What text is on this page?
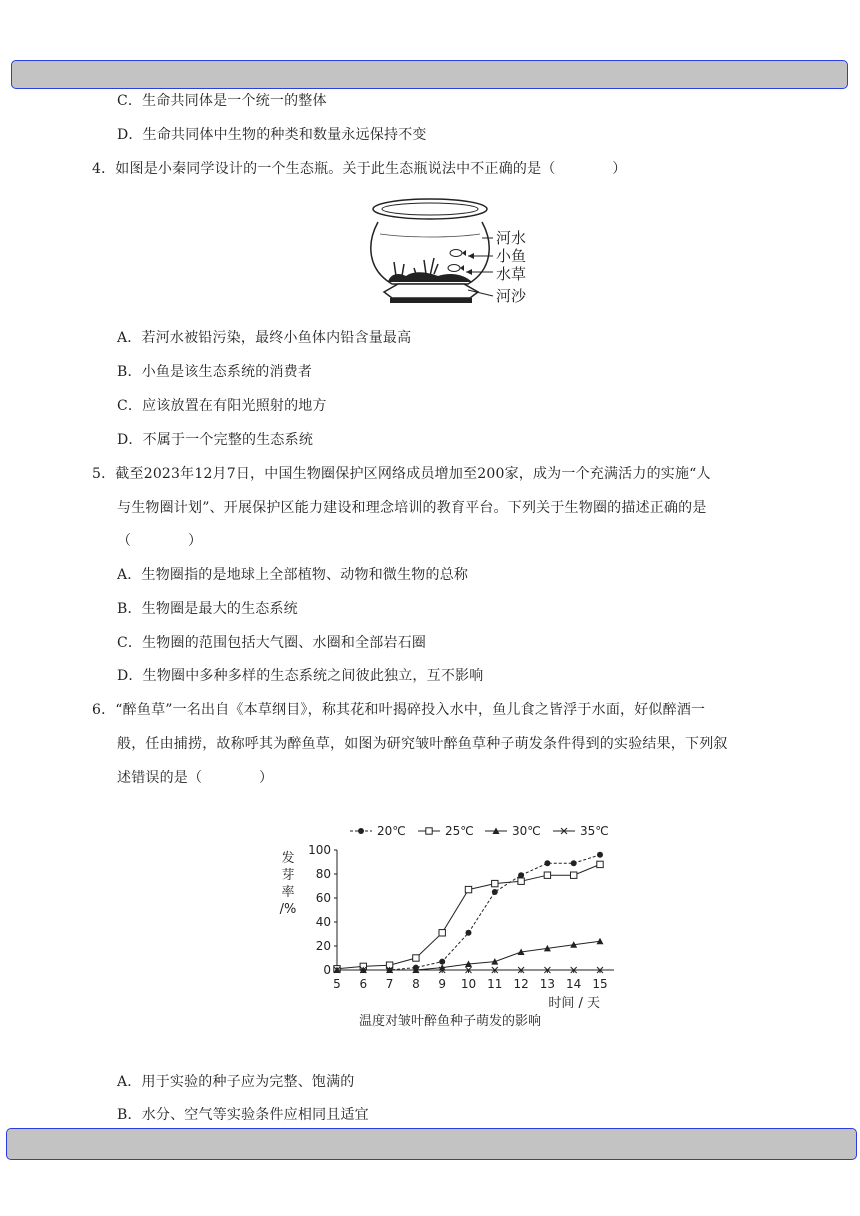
C．生命共同体是一个统一的整体
D．生命共同体中生物的种类和数量永远保持不变
4．如图是小秦同学设计的一个生态瓶。关于此生态瓶说法中不正确的是（　　　　）
河水
小鱼
水草
河沙
A．若河水被铅污染，最终小鱼体内铅含量最高
B．小鱼是该生态系统的消费者
C．应该放置在有阳光照射的地方
D．不属于一个完整的生态系统
5．截至2023年12月7日，中国生物圈保护区网络成员增加至200家，成为一个充满活力的实施“人
与生物圈计划”、开展保护区能力建设和理念培训的教育平台。下列关于生物圈的描述正确的是
（　　　　）
A．生物圈指的是地球上全部植物、动物和微生物的总称
B．生物圈是最大的生态系统
C．生物圈的范围包括大气圈、水圈和全部岩石圈
D．生物圈中多种多样的生态系统之间彼此独立，互不影响
6．“醉鱼草”一名出自《本草纲目》，称其花和叶揭碎投入水中，鱼儿食之皆浮于水面，好似醉酒一
般，任由捕捞，故称呼其为醉鱼草，如图为研究皱叶醉鱼草种子萌发条件得到的实验结果，下列叙
述错误的是（　　　　）
0
20
40
60
80
100
5 6 7 8 9 10 11 12 13 14 15
发
芽
率
/%
时间 / 天
温度对皱叶醉鱼种子萌发的影响
20℃	25℃	30℃	35℃
A．用于实验的种子应为完整、饱满的
B．水分、空气等实验条件应相同且适宜
